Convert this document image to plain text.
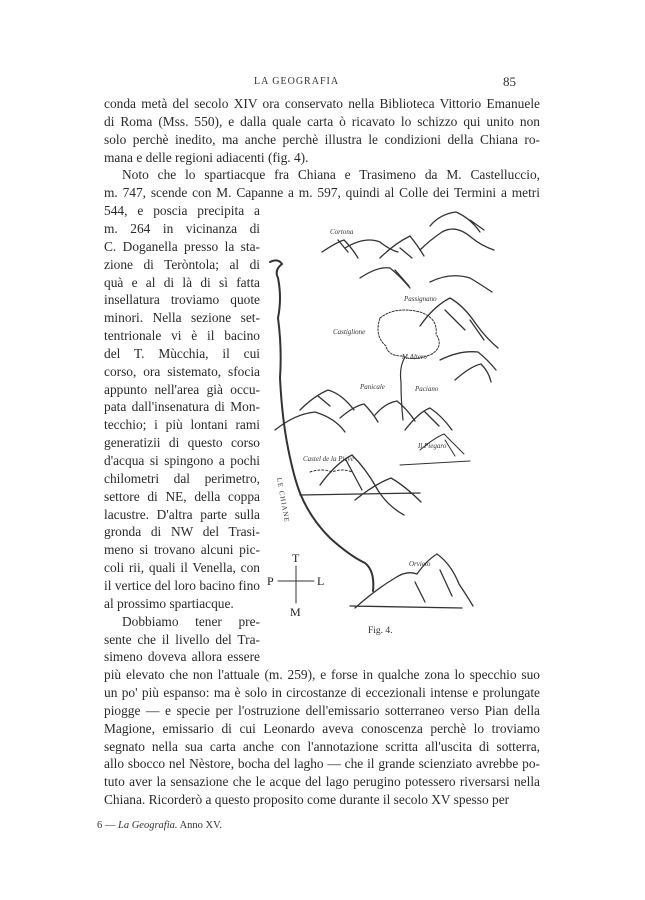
LA GEOGRAFIA	85
conda metà del secolo XIV ora conservato nella Biblioteca Vittorio Emanuele
di Roma (Mss. 550), e dalla quale carta ò ricavato lo schizzo qui unito non
solo perchè inedito, ma anche perchè illustra le condizioni della Chiana ro-
mana e delle regioni adiacenti (fig. 4).
Noto che lo spartiacque fra Chiana e Trasimeno da M. Castelluccio,
m. 747, scende con M. Capanne a m. 597, quindi al Colle dei Termini a metri
544, e poscia precipita a
m. 264 in vicinanza di
C. Doganella presso la sta-
zione di Teròntola; al di
quà e al di là di sì fatta
insellatura troviamo quote
minori. Nella sezione set-
tentrionale vi è il bacino
del T. Mùcchia, il cui
corso, ora sistemato, sfocia
appunto nell'area già occu-
pata dall'insenatura di Mon-
tecchio; i più lontani rami
generatizii di questo corso
d'acqua si spingono a pochi
chilometri dal perimetro,
settore di NE, della coppa
lacustre. D'altra parte sulla
gronda di NW del Trasi-
meno si trovano alcuni pic-
coli rii, quali il Venella, con
il vertice del loro bacino fino
al prossimo spartiacque.
Dobbiamo tener pre-
sente che il livello del Tra-
simeno doveva allora essere
più elevato che non l'attuale (m. 259), e forse in qualche zona lo specchio suo
un po' più espanso: ma è solo in circostanze di eccezionali intense e prolungate
piogge — e specie per l'ostruzione dell'emissario sotterraneo verso Pian della
Magione, emissario di cui Leonardo aveva conoscenza perchè lo troviamo
segnato nella sua carta anche con l'annotazione scritta all'uscita di sotterra,
allo sbocco nel Nèstore, bocha del lagho — che il grande scienziato avrebbe po-
tuto aver la sensazione che le acque del lago perugino potessero riversarsi nella
Chiana. Ricorderò a questo proposito come durante il secolo XV spesso per
Cortona
Passignano
Castiglione
M.Altero
Panicale	Paciano
Castel de la Pieve
Il Piegaro
Orvieto
LE CHIANE
T
P	L
M
Fig. 4.
6 — La Geografia. Anno XV.
